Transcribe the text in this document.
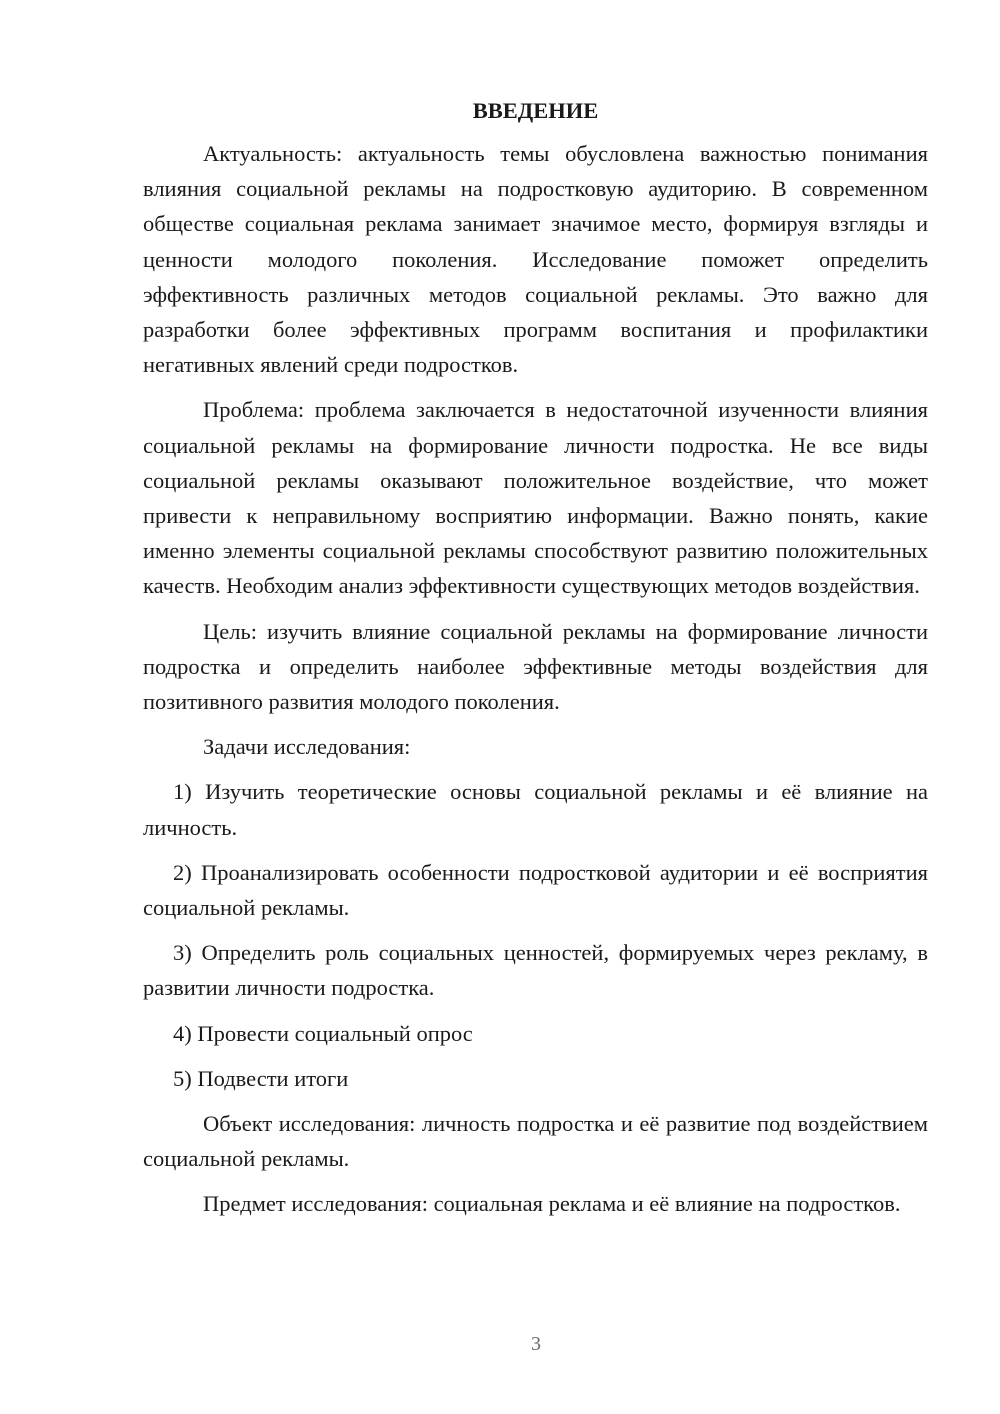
ВВЕДЕНИЕ

Актуальность: актуальность темы обусловлена важностью понимания влияния социальной рекламы на подростковую аудиторию. В современном обществе социальная реклама занимает значимое место, формируя взгляды и ценности молодого поколения. Исследование поможет определить эффективность различных методов социальной рекламы. Это важно для разработки более эффективных программ воспитания и профилактики негативных явлений среди подростков.

Проблема: проблема заключается в недостаточной изученности влияния социальной рекламы на формирование личности подростка. Не все виды социальной рекламы оказывают положительное воздействие, что может привести к неправильному восприятию информации. Важно понять, какие именно элементы социальной рекламы способствуют развитию положительных качеств. Необходим анализ эффективности существующих методов воздействия.

Цель: изучить влияние социальной рекламы на формирование личности подростка и определить наиболее эффективные методы воздействия для позитивного развития молодого поколения.

Задачи исследования:

1) Изучить теоретические основы социальной рекламы и её влияние на личность.

2) Проанализировать особенности подростковой аудитории и её восприятия социальной рекламы.

3) Определить роль социальных ценностей, формируемых через рекламу, в развитии личности подростка.

4) Провести социальный опрос

5) Подвести итоги

Объект исследования: личность подростка и её развитие под воздействием социальной рекламы.

Предмет исследования: социальная реклама и её влияние на подростков.

3
